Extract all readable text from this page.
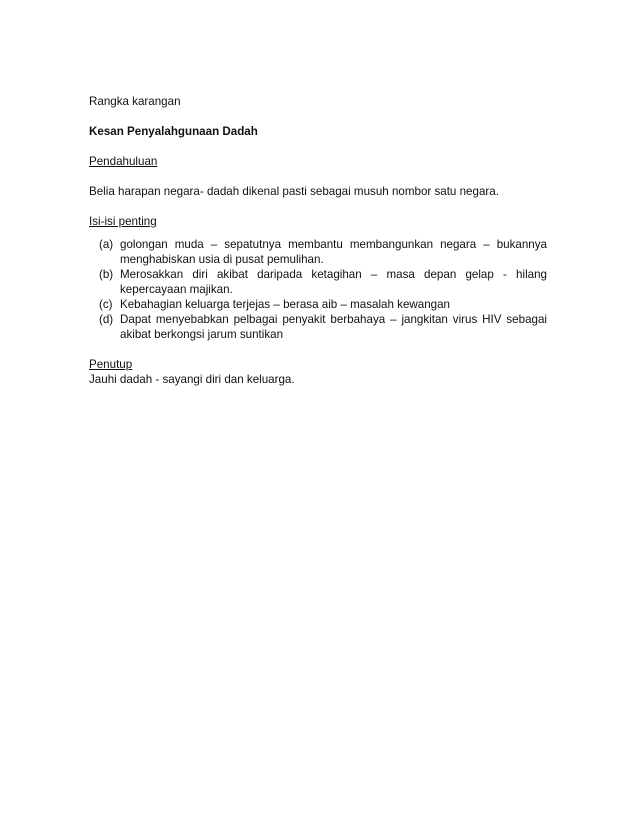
Rangka karangan

Kesan Penyalahgunaan Dadah

Pendahuluan

Belia harapan negara- dadah dikenal pasti sebagai musuh nombor satu negara.

Isi-isi penting

(a) golongan muda – sepatutnya membantu membangunkan negara – bukannya menghabiskan usia di pusat pemulihan.
(b) Merosakkan diri akibat daripada ketagihan – masa depan gelap - hilang kepercayaan majikan.
(c) Kebahagian keluarga terjejas – berasa aib – masalah kewangan
(d) Dapat menyebabkan pelbagai penyakit berbahaya – jangkitan virus HIV sebagai akibat berkongsi jarum suntikan

Penutup

Jauhi dadah - sayangi diri dan keluarga.
